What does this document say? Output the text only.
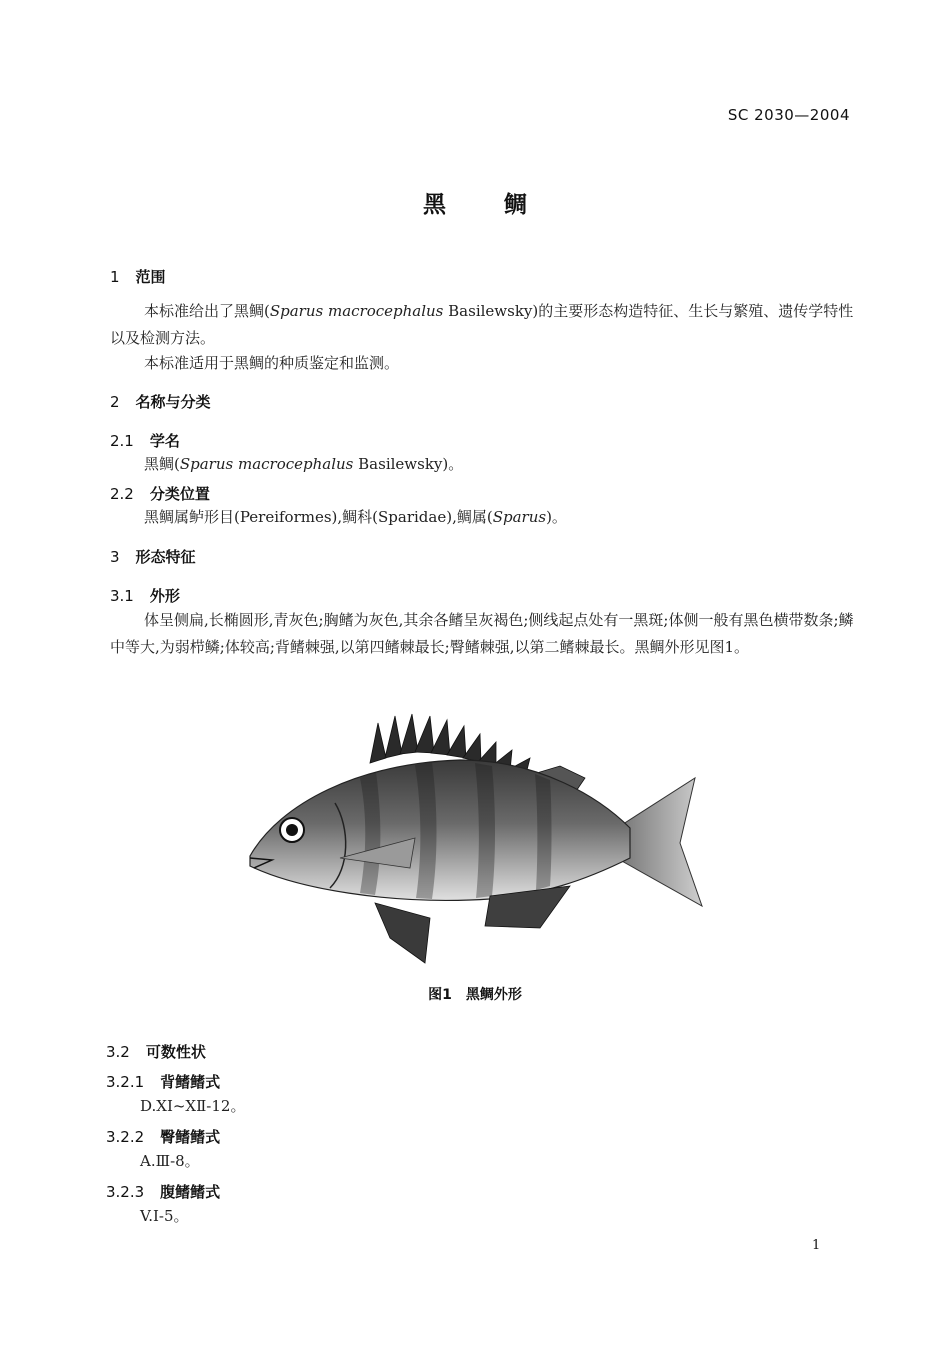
SC 2030—2004
黑鲷
1 范围
本标准给出了黑鲷(Sparus macrocephalus Basilewsky)的主要形态构造特征、生长与繁殖、遗传学特性以及检测方法。
本标准适用于黑鲷的种质鉴定和监测。
2 名称与分类
2.1 学名
黑鲷(Sparus macrocephalus Basilewsky)。
2.2 分类位置
黑鲷属鲈形目(Pereiformes),鲷科(Sparidae),鲷属(Sparus)。
3 形态特征
3.1 外形
体呈侧扁,长椭圆形,青灰色;胸鳍为灰色,其余各鳍呈灰褐色;侧线起点处有一黑斑;体侧一般有黑色横带数条;鳞中等大,为弱栉鳞;体较高;背鳍棘强,以第四鳍棘最长;臀鳍棘强,以第二鳍棘最长。黑鲷外形见图1。
图1 黑鲷外形
3.2 可数性状
3.2.1 背鳍鳍式
D.XⅠ~XⅡ-12。
3.2.2 臀鳍鳍式
A.Ⅲ-8。
3.2.3 腹鳍鳍式
V.Ⅰ-5。
1
